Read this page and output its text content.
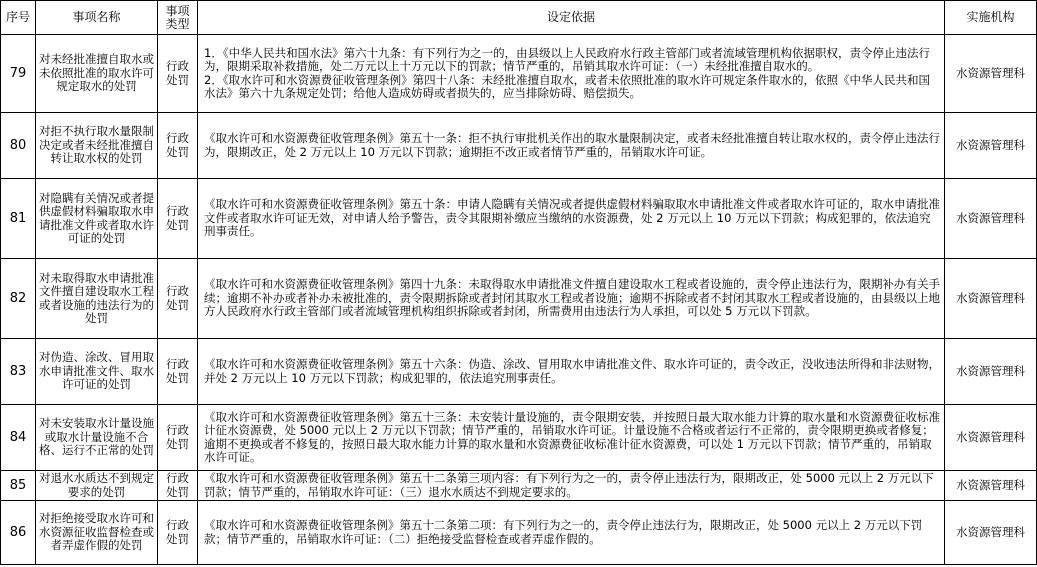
序号	事项名称	事项类型	设定依据	实施机构
79	对未经批准擅自取水或未依照批准的取水许可规定取水的处罚	行政处罚	1．《中华人民共和国水法》第六十九条：有下列行为之一的，由县级以上人民政府水行政主管部门或者流域管理机构依据职权，责令停止违法行为，限期采取补救措施，处二万元以上十万元以下的罚款；情节严重的，吊销其取水许可证：（一）未经批准擅自取水的。
2．《取水许可和水资源费征收管理条例》第四十八条：未经批准擅自取水，或者未依照批准的取水许可规定条件取水的，依照《中华人民共和国水法》第六十九条规定处罚；给他人造成妨碍或者损失的，应当排除妨碍、赔偿损失。	水资源管理科
80	对拒不执行取水量限制决定或者未经批准擅自转让取水权的处罚	行政处罚	《取水许可和水资源费征收管理条例》第五十一条：拒不执行审批机关作出的取水量限制决定，或者未经批准擅自转让取水权的，责令停止违法行为，限期改正，处 2 万元以上 10 万元以下罚款；逾期拒不改正或者情节严重的，吊销取水许可证。	水资源管理科
81	对隐瞒有关情况或者提供虚假材料骗取取水申请批准文件或者取水许可证的处罚	行政处罚	《取水许可和水资源费征收管理条例》第五十条：申请人隐瞒有关情况或者提供虚假材料骗取取水申请批准文件或者取水许可证的，取水申请批准文件或者取水许可证无效，对申请人给予警告，责令其限期补缴应当缴纳的水资源费，处 2 万元以上 10 万元以下罚款；构成犯罪的，依法追究刑事责任。	水资源管理科
82	对未取得取水申请批准文件擅自建设取水工程或者设施的违法行为的处罚	行政处罚	《取水许可和水资源费征收管理条例》第四十九条：未取得取水申请批准文件擅自建设取水工程或者设施的，责令停止违法行为，限期补办有关手续；逾期不补办或者补办未被批准的，责令限期拆除或者封闭其取水工程或者设施；逾期不拆除或者不封闭其取水工程或者设施的，由县级以上地方人民政府水行政主管部门或者流域管理机构组织拆除或者封闭，所需费用由违法行为人承担，可以处 5 万元以下罚款。	水资源管理科
83	对伪造、涂改、冒用取水申请批准文件、取水许可证的处罚	行政处罚	《取水许可和水资源费征收管理条例》第五十六条：伪造、涂改、冒用取水申请批准文件、取水许可证的，责令改正，没收违法所得和非法财物，并处 2 万元以上 10 万元以下罚款；构成犯罪的，依法追究刑事责任。	水资源管理科
84	对未安装取水计量设施或取水计量设施不合格、运行不正常的处罚	行政处罚	《取水许可和水资源费征收管理条例》第五十三条：未安装计量设施的，责令限期安装，并按照日最大取水能力计算的取水量和水资源费征收标准计征水资源费，处 5000 元以上 2 万元以下罚款；情节严重的，吊销取水许可证。计量设施不合格或者运行不正常的，责令限期更换或者修复；逾期不更换或者不修复的，按照日最大取水能力计算的取水量和水资源费征收标准计征水资源费，可以处 1 万元以下罚款；情节严重的，吊销取水许可证。	水资源管理科
85	对退水水质达不到规定要求的处罚	行政处罚	《取水许可和水资源费征收管理条例》第五十二条第三项内容：有下列行为之一的，责令停止违法行为，限期改正，处 5000 元以上 2 万元以下罚款；情节严重的，吊销取水许可证：（三）退水水质达不到规定要求的。	水资源管理科
86	对拒绝接受取水许可和水资源征收监督检查或者弄虚作假的处罚	行政处罚	《取水许可和水资源费征收管理条例》第五十二条第二项：有下列行为之一的，责令停止违法行为，限期改正，处 5000 元以上 2 万元以下罚款；情节严重的，吊销取水许可证：（二）拒绝接受监督检查或者弄虚作假的。	水资源管理科
